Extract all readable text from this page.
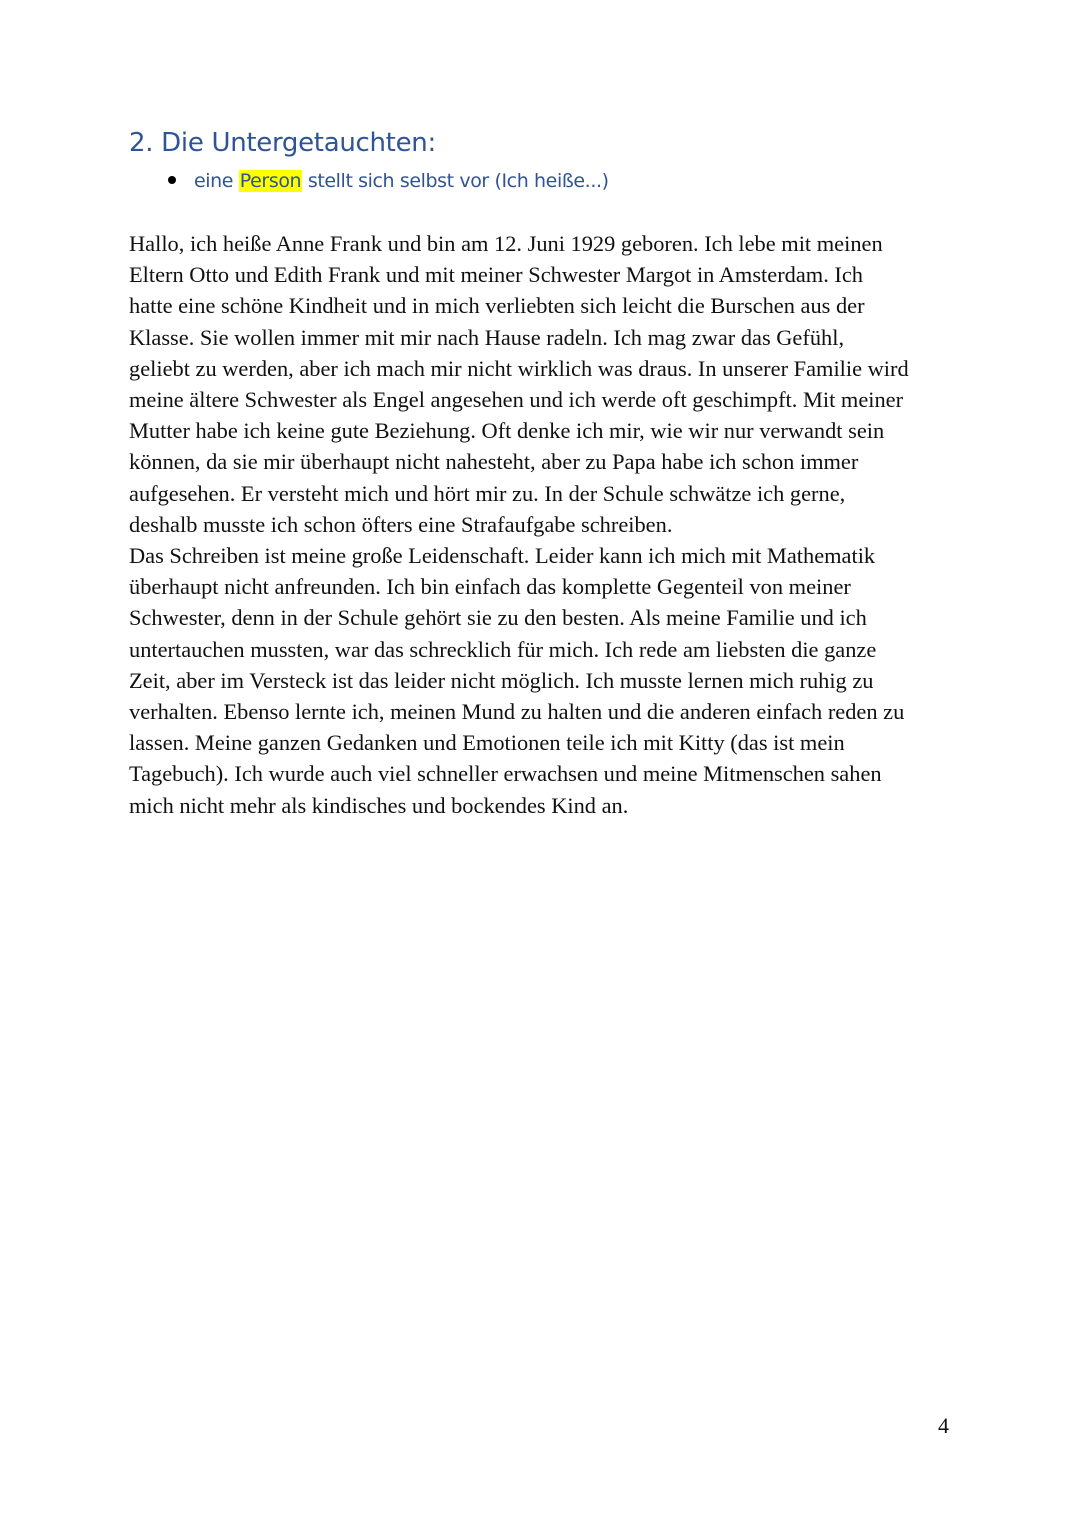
2. Die Untergetauchten:
eine Person stellt sich selbst vor (Ich heiße...)
Hallo, ich heiße Anne Frank und bin am 12. Juni 1929 geboren. Ich lebe mit meinen
Eltern Otto und Edith Frank und mit meiner Schwester Margot in Amsterdam. Ich
hatte eine schöne Kindheit und in mich verliebten sich leicht die Burschen aus der
Klasse. Sie wollen immer mit mir nach Hause radeln. Ich mag zwar das Gefühl,
geliebt zu werden, aber ich mach mir nicht wirklich was draus. In unserer Familie wird
meine ältere Schwester als Engel angesehen und ich werde oft geschimpft. Mit meiner
Mutter habe ich keine gute Beziehung. Oft denke ich mir, wie wir nur verwandt sein
können, da sie mir überhaupt nicht nahesteht, aber zu Papa habe ich schon immer
aufgesehen. Er versteht mich und hört mir zu. In der Schule schwätze ich gerne,
deshalb musste ich schon öfters eine Strafaufgabe schreiben.
Das Schreiben ist meine große Leidenschaft. Leider kann ich mich mit Mathematik
überhaupt nicht anfreunden. Ich bin einfach das komplette Gegenteil von meiner
Schwester, denn in der Schule gehört sie zu den besten. Als meine Familie und ich
untertauchen mussten, war das schrecklich für mich. Ich rede am liebsten die ganze
Zeit, aber im Versteck ist das leider nicht möglich. Ich musste lernen mich ruhig zu
verhalten. Ebenso lernte ich, meinen Mund zu halten und die anderen einfach reden zu
lassen. Meine ganzen Gedanken und Emotionen teile ich mit Kitty (das ist mein
Tagebuch). Ich wurde auch viel schneller erwachsen und meine Mitmenschen sahen
mich nicht mehr als kindisches und bockendes Kind an.
4
